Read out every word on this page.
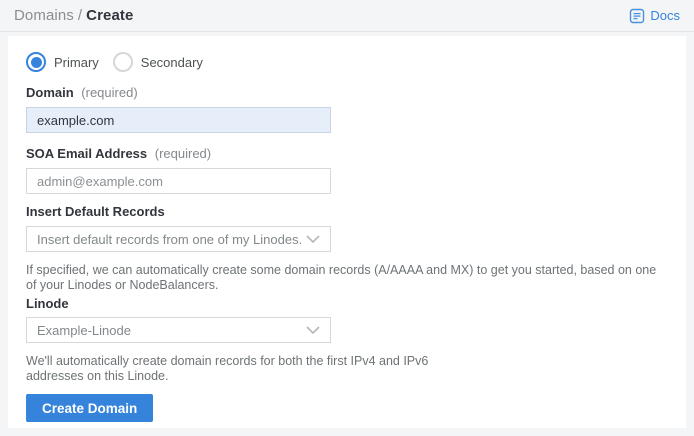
Domains / Create	Docs
Primary	Secondary
Domain (required)
example.com
SOA Email Address (required)
admin@example.com
Insert Default Records
Insert default records from one of my Linodes.

If specified, we can automatically create some domain records (A/AAAA and MX) to get you started, based on one of your Linodes or NodeBalancers.

Linode
Example-Linode

We'll automatically create domain records for both the first IPv4 and IPv6 addresses on this Linode.

Create Domain
